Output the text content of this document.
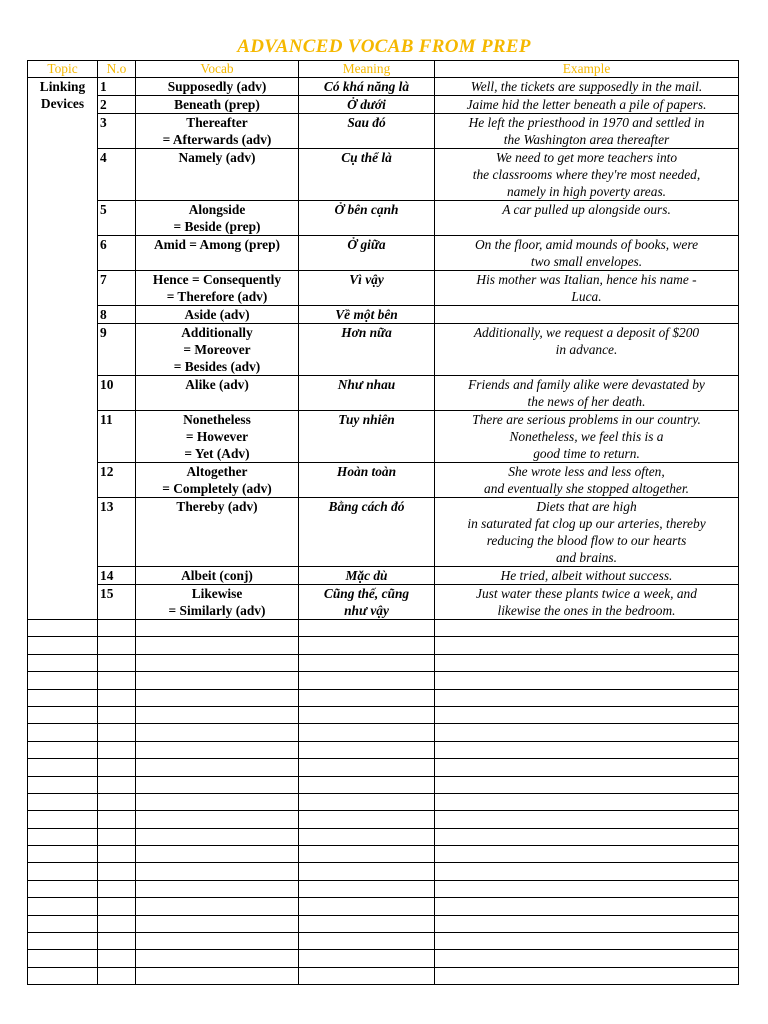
ADVANCED VOCAB FROM PREP
Topic	N.o	Vocab	Meaning	Example
Linking
Devices	1	Supposedly (adv)	Có khá năng là	Well, the tickets are supposedly in the mail.
	2	Beneath (prep)	Ở dưới	Jaime hid the letter beneath a pile of papers.
	3	Thereafter
= Afterwards (adv)	Sau đó	He left the priesthood in 1970 and settled in
the Washington area thereafter
	4	Namely (adv)	Cụ thể là	We need to get more teachers into
the classrooms where they're most needed,
namely in high poverty areas.
	5	Alongside
= Beside (prep)	Ở bên cạnh	A car pulled up alongside ours.
	6	Amid = Among (prep)	Ở giữa	On the floor, amid mounds of books, were
two small envelopes.
	7	Hence = Consequently
= Therefore (adv)	Vì vậy	His mother was Italian, hence his name -
Luca.
	8	Aside (adv)	Về một bên	
	9	Additionally
= Moreover
= Besides (adv)	Hơn nữa	Additionally, we request a deposit of $200
in advance.
	10	Alike (adv)	Như nhau	Friends and family alike were devastated by
the news of her death.
	11	Nonetheless
= However
= Yet (Adv)	Tuy nhiên	There are serious problems in our country.
Nonetheless, we feel this is a
good time to return.
	12	Altogether
= Completely (adv)	Hoàn toàn	She wrote less and less often,
and eventually she stopped altogether.
	13	Thereby (adv)	Bằng cách đó	Diets that are high
in saturated fat clog up our arteries, thereby
reducing the blood flow to our hearts
and brains.
	14	Albeit (conj)	Mặc dù	He tried, albeit without success.
	15	Likewise
= Similarly (adv)	Cũng thế, cũng
như vậy	Just water these plants twice a week, and
likewise the ones in the bedroom.
